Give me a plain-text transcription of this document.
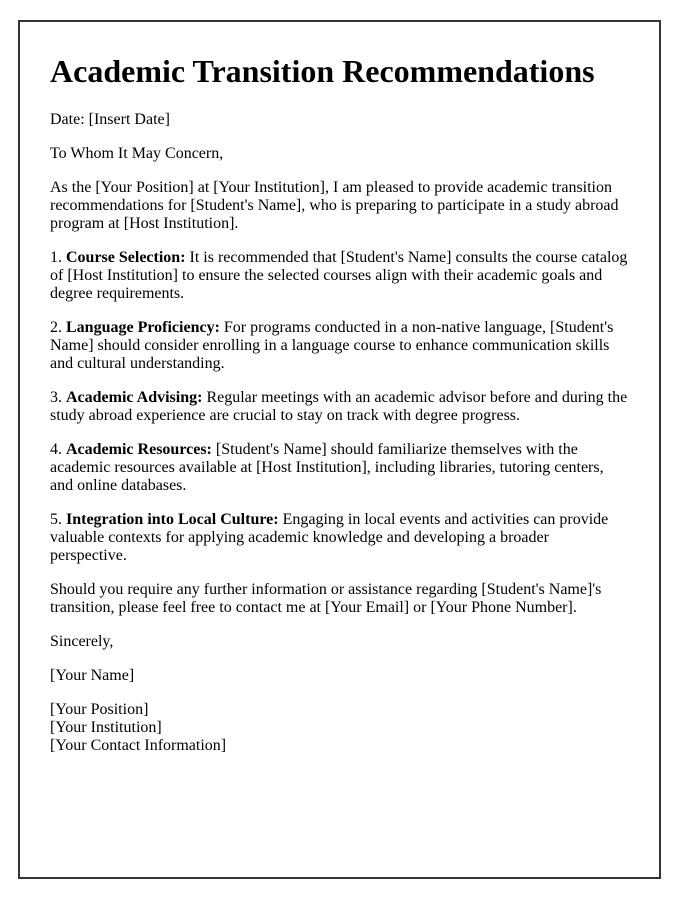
Academic Transition Recommendations

Date: [Insert Date]

To Whom It May Concern,

As the [Your Position] at [Your Institution], I am pleased to provide academic transition recommendations for [Student's Name], who is preparing to participate in a study abroad program at [Host Institution].

1. Course Selection: It is recommended that [Student's Name] consults the course catalog of [Host Institution] to ensure the selected courses align with their academic goals and degree requirements.

2. Language Proficiency: For programs conducted in a non-native language, [Student's Name] should consider enrolling in a language course to enhance communication skills and cultural understanding.

3. Academic Advising: Regular meetings with an academic advisor before and during the study abroad experience are crucial to stay on track with degree progress.

4. Academic Resources: [Student's Name] should familiarize themselves with the academic resources available at [Host Institution], including libraries, tutoring centers, and online databases.

5. Integration into Local Culture: Engaging in local events and activities can provide valuable contexts for applying academic knowledge and developing a broader perspective.

Should you require any further information or assistance regarding [Student's Name]'s transition, please feel free to contact me at [Your Email] or [Your Phone Number].

Sincerely,

[Your Name]

[Your Position]
[Your Institution]
[Your Contact Information]
